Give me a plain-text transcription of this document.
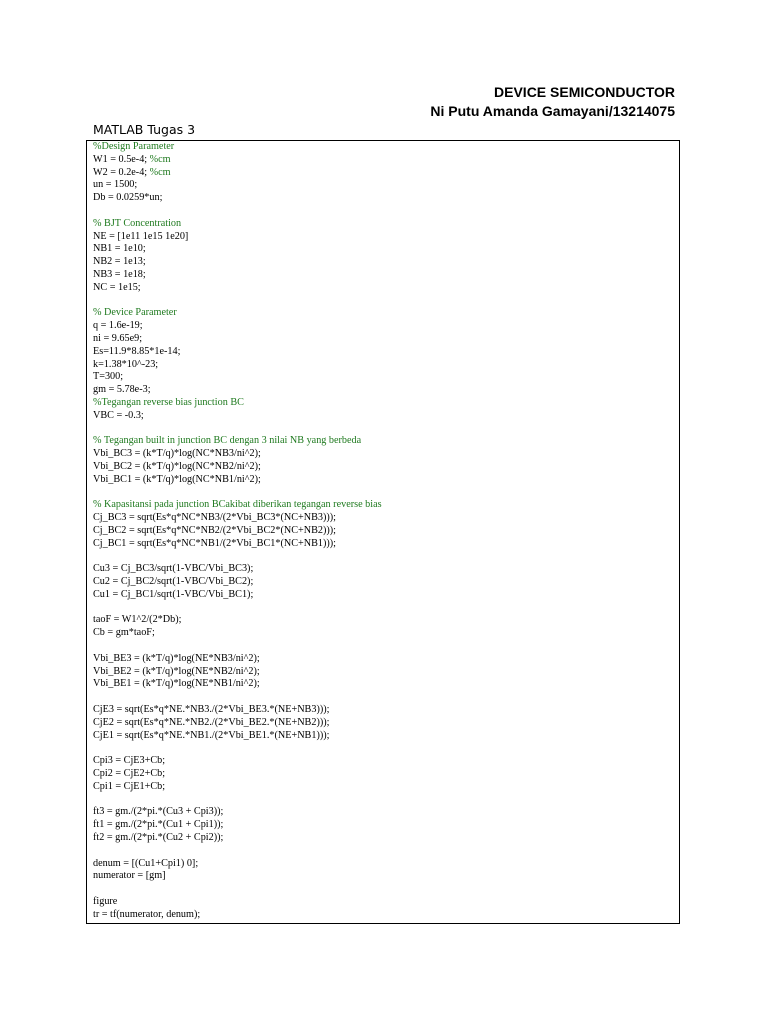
DEVICE SEMICONDUCTOR
Ni Putu Amanda Gamayani/13214075
MATLAB Tugas 3
%Design Parameter
W1 = 0.5e-4; %cm
W2 = 0.2e-4; %cm
un = 1500;
Db = 0.0259*un;
% BJT Concentration
NE = [1e11 1e15 1e20]
NB1 = 1e10;
NB2 = 1e13;
NB3 = 1e18;
NC = 1e15;
% Device Parameter
q = 1.6e-19;
ni = 9.65e9;
Es=11.9*8.85*1e-14;
k=1.38*10^-23;
T=300;
gm = 5.78e-3;
%Tegangan reverse bias junction BC
VBC = -0.3;
% Tegangan built in junction BC dengan 3 nilai NB yang berbeda
Vbi_BC3 = (k*T/q)*log(NC*NB3/ni^2);
Vbi_BC2 = (k*T/q)*log(NC*NB2/ni^2);
Vbi_BC1 = (k*T/q)*log(NC*NB1/ni^2);
% Kapasitansi pada junction BCakibat diberikan tegangan reverse bias
Cj_BC3 = sqrt(Es*q*NC*NB3/(2*Vbi_BC3*(NC+NB3)));
Cj_BC2 = sqrt(Es*q*NC*NB2/(2*Vbi_BC2*(NC+NB2)));
Cj_BC1 = sqrt(Es*q*NC*NB1/(2*Vbi_BC1*(NC+NB1)));
Cu3 = Cj_BC3/sqrt(1-VBC/Vbi_BC3);
Cu2 = Cj_BC2/sqrt(1-VBC/Vbi_BC2);
Cu1 = Cj_BC1/sqrt(1-VBC/Vbi_BC1);
taoF = W1^2/(2*Db);
Cb = gm*taoF;
Vbi_BE3 = (k*T/q)*log(NE*NB3/ni^2);
Vbi_BE2 = (k*T/q)*log(NE*NB2/ni^2);
Vbi_BE1 = (k*T/q)*log(NE*NB1/ni^2);
CjE3 = sqrt(Es*q*NE.*NB3./(2*Vbi_BE3.*(NE+NB3)));
CjE2 = sqrt(Es*q*NE.*NB2./(2*Vbi_BE2.*(NE+NB2)));
CjE1 = sqrt(Es*q*NE.*NB1./(2*Vbi_BE1.*(NE+NB1)));
Cpi3 = CjE3+Cb;
Cpi2 = CjE2+Cb;
Cpi1 = CjE1+Cb;
ft3 = gm./(2*pi.*(Cu3 + Cpi3));
ft1 = gm./(2*pi.*(Cu1 + Cpi1));
ft2 = gm./(2*pi.*(Cu2 + Cpi2));
denum = [(Cu1+Cpi1) 0];
numerator = [gm]
figure
tr = tf(numerator, denum);
